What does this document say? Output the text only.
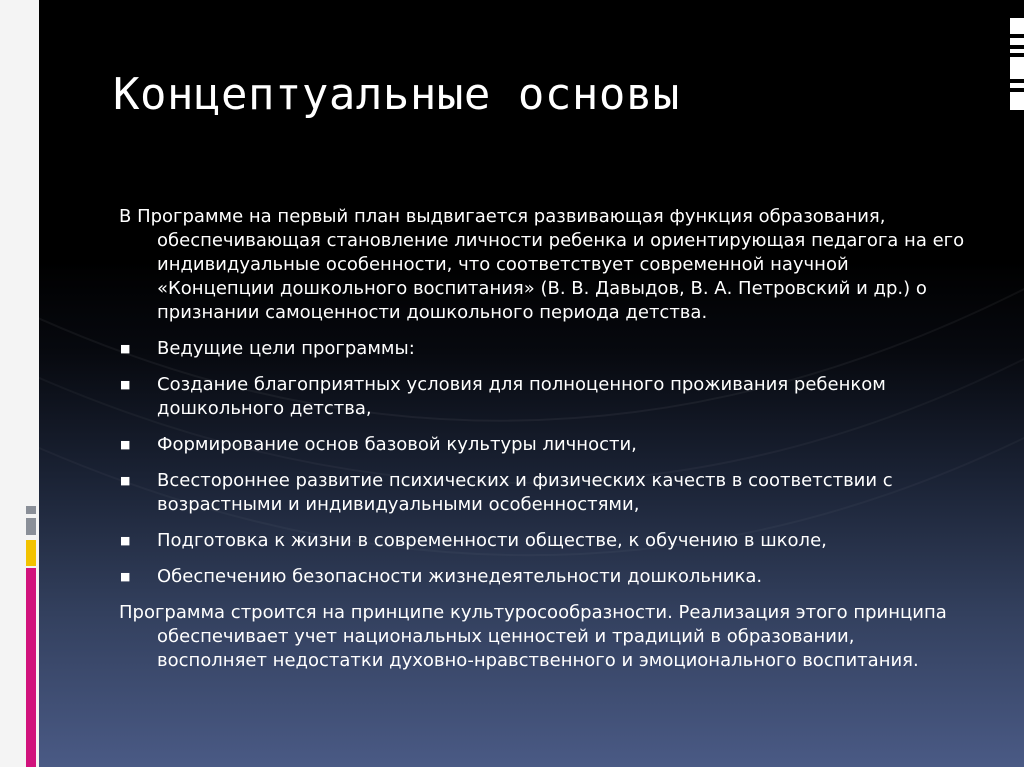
Концептуальные основы

В Программе на первый план выдвигается развивающая функция образования, обеспечивающая становление личности ребенка и ориентирующая педагога на его индивидуальные особенности, что соответствует современной научной «Концепции дошкольного воспитания» (В. В. Давыдов, В. А. Петровский и др.) о признании самоценности дошкольного периода детства.

■ Ведущие цели программы:
■ Создание благоприятных условия для полноценного проживания ребенком дошкольного детства,
■ Формирование основ базовой культуры личности,
■ Всестороннее развитие психических и физических качеств в соответствии с возрастными и индивидуальными особенностями,
■ Подготовка к жизни в современности обществе, к обучению в школе,
■ Обеспечению безопасности жизнедеятельности дошкольника.

Программа строится на принципе культуросообразности. Реализация этого принципа обеспечивает учет национальных ценностей и традиций в образовании, восполняет недостатки духовно-нравственного и эмоционального воспитания.
